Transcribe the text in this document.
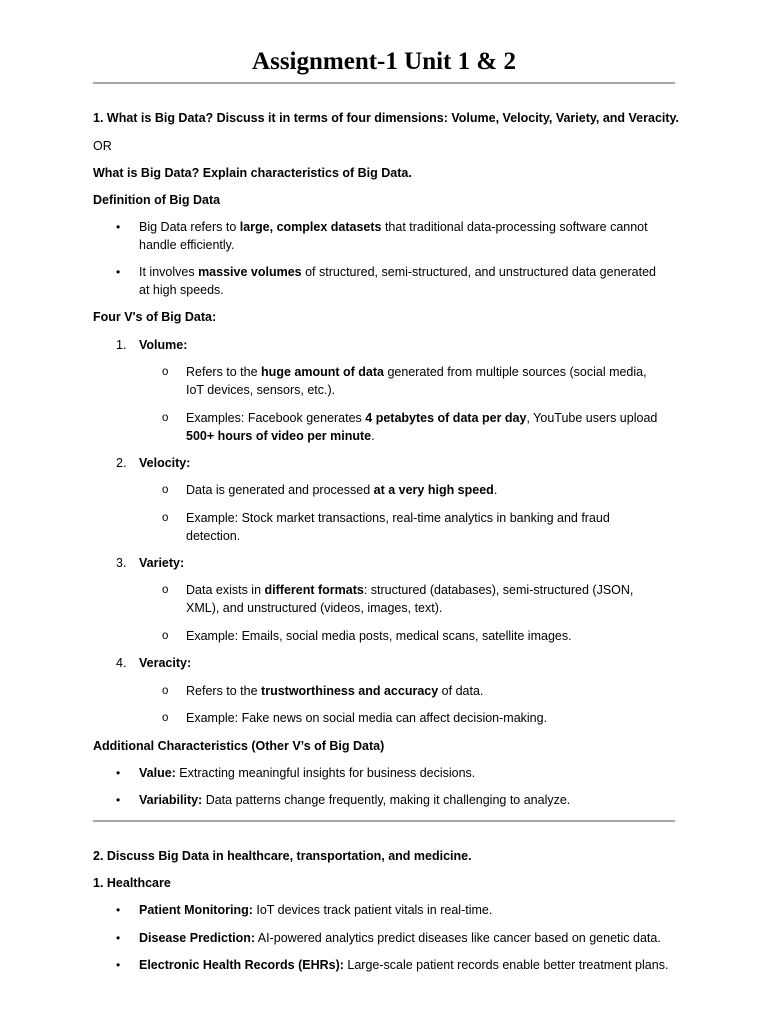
Assignment-1 Unit 1 & 2
1. What is Big Data? Discuss it in terms of four dimensions: Volume, Velocity, Variety, and Veracity.
OR
What is Big Data? Explain characteristics of Big Data.
Definition of Big Data
• Big Data refers to large, complex datasets that traditional data-processing software cannot handle efficiently.
• It involves massive volumes of structured, semi-structured, and unstructured data generated at high speeds.
Four V's of Big Data:
1. Volume:
o Refers to the huge amount of data generated from multiple sources (social media, IoT devices, sensors, etc.).
o Examples: Facebook generates 4 petabytes of data per day, YouTube users upload 500+ hours of video per minute.
2. Velocity:
o Data is generated and processed at a very high speed.
o Example: Stock market transactions, real-time analytics in banking and fraud detection.
3. Variety:
o Data exists in different formats: structured (databases), semi-structured (JSON, XML), and unstructured (videos, images, text).
o Example: Emails, social media posts, medical scans, satellite images.
4. Veracity:
o Refers to the trustworthiness and accuracy of data.
o Example: Fake news on social media can affect decision-making.
Additional Characteristics (Other V’s of Big Data)
• Value: Extracting meaningful insights for business decisions.
• Variability: Data patterns change frequently, making it challenging to analyze.
2. Discuss Big Data in healthcare, transportation, and medicine.
1. Healthcare
• Patient Monitoring: IoT devices track patient vitals in real-time.
• Disease Prediction: AI-powered analytics predict diseases like cancer based on genetic data.
• Electronic Health Records (EHRs): Large-scale patient records enable better treatment plans.
